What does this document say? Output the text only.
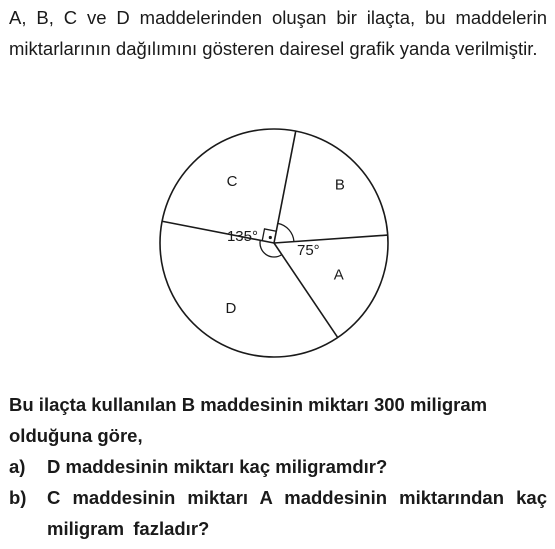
A, B, C ve D maddelerinden oluşan bir ilaçta, bu maddelerin miktarlarının dağılımını gösteren dairesel grafik yanda verilmiştir.

A
B
C
D
75°
135°

Bu ilaçta kullanılan B maddesinin miktarı 300 miligram olduğuna göre,

a)	D maddesinin miktarı kaç miligramdır?
b)	C maddesinin miktarı A maddesinin miktarından kaç miligram fazladır?
